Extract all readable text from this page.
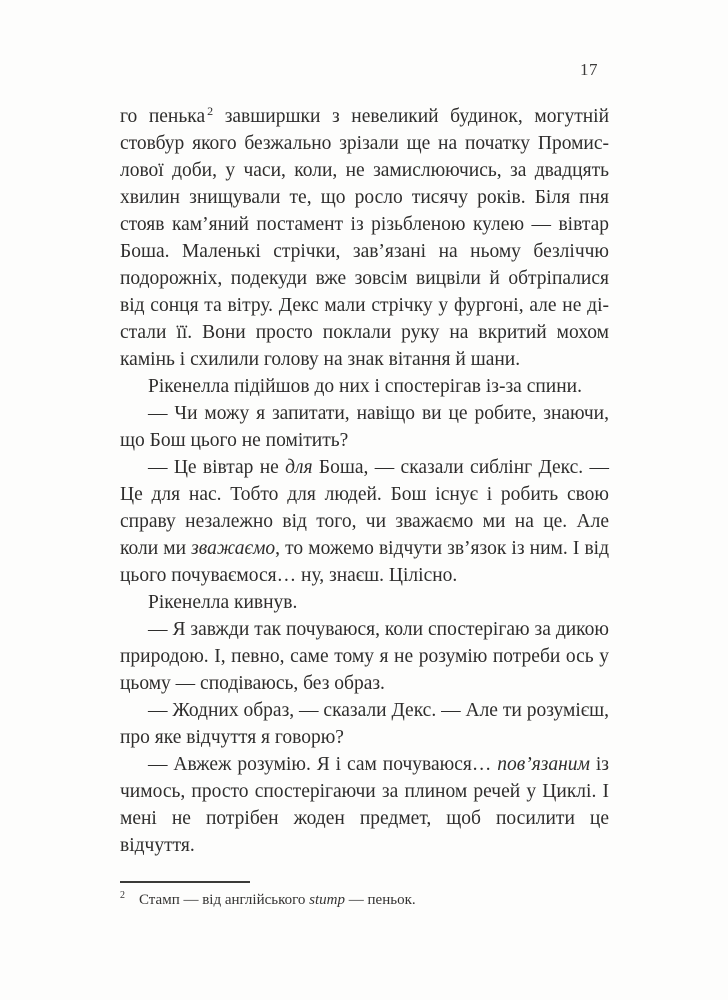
17

го пенька $^2$ завширшки з невеликий будинок, могутній стовбур якого безжально зрізали ще на початку Промислової доби, у часи, коли, не замислюючись, за двадцять хвилин знищували те, що росло тисячу років. Біля пня стояв кам’яний постамент із різьбленою кулею — вівтар Боша. Маленькі стрічки, зав’язані на ньому безліччю подорожніх, подекуди вже зовсім вицвіли й обтріпалися від сонця та вітру. Декс мали стрічку у фургоні, але не дістали її. Вони просто поклали руку на вкритий мохом камінь і схилили голову на знак вітання й шани.

Рікенелла підійшов до них і спостерігав із-за спини.

— Чи можу я запитати, навіщо ви це робите, знаючи, що Бош цього не помітить?

— Це вівтар не для Боша, — сказали сиблінг Декс. — Це для нас. Тобто для людей. Бош існує і робить свою справу незалежно від того, чи зважаємо ми на це. Але коли ми зважаємо, то можемо відчути зв’язок із ним. І від цього почуваємося… ну, знаєш. Цілісно.

Рікенелла кивнув.

— Я завжди так почуваюся, коли спостерігаю за дикою природою. І, певно, саме тому я не розумію потреби ось у цьому — сподіваюсь, без образ.

— Жодних образ, — сказали Декс. — Але ти розумієш, про яке відчуття я говорю?

— Авжеж розумію. Я і сам почуваюся… пов’язаним із чимось, просто спостерігаючи за плином речей у Циклі. І мені не потрібен жоден предмет, щоб посилити це відчуття.

$^2$ Стамп — від англійського stump — пеньок.
